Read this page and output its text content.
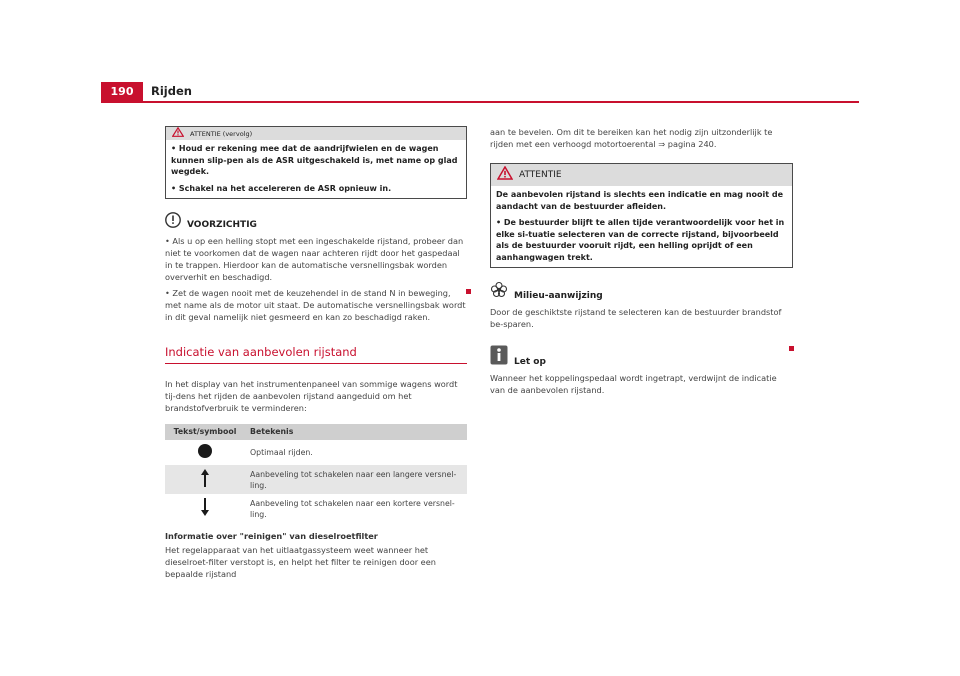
190	Rijden
ATTENTIE (vervolg)

• Houd er rekening mee dat de aandrijfwielen en de wagen kunnen slip-pen als de ASR uitgeschakeld is, met name op glad wegdek.

• Schakel na het accelereren de ASR opnieuw in.

VOORZICHTIG

• Als u op een helling stopt met een ingeschakelde rijstand, probeer dan niet te voorkomen dat de wagen naar achteren rijdt door het gaspedaal in te trappen. Hierdoor kan de automatische versnellingsbak worden oververhit en beschadigd.

• Zet de wagen nooit met de keuzehendel in de stand N in beweging, met name als de motor uit staat. De automatische versnellingsbak wordt in dit geval namelijk niet gesmeerd en kan zo beschadigd raken.

Indicatie van aanbevolen rijstand
In het display van het instrumentenpaneel van sommige wagens wordt tij-dens het rijden de aanbevolen rijstand aangeduid om het brandstofverbruik te verminderen:
Tekst/symbool	Betekenis
	Optimaal rijden.
	Aanbeveling tot schakelen naar een langere versnel-ling.
	Aanbeveling tot schakelen naar een kortere versnel-ling.
Informatie over "reinigen" van dieselroetfilter
Het regelapparaat van het uitlaatgassysteem weet wanneer het dieselroet-filter verstopt is, en helpt het filter te reinigen door een bepaalde rijstand
aan te bevelen. Om dit te bereiken kan het nodig zijn uitzonderlijk te rijden met een verhoogd motortoerental ⇒ pagina 240.
ATTENTIE

De aanbevolen rijstand is slechts een indicatie en mag nooit de aandacht van de bestuurder afleiden.

• De bestuurder blijft te allen tijde verantwoordelijk voor het in elke si-tuatie selecteren van de correcte rijstand, bijvoorbeeld als de bestuurder vooruit rijdt, een helling oprijdt of een aanhangwagen trekt.

Milieu-aanwijzing
Door de geschiktste rijstand te selecteren kan de bestuurder brandstof be-sparen.
Let op
Wanneer het koppelingspedaal wordt ingetrapt, verdwijnt de indicatie van de aanbevolen rijstand.
